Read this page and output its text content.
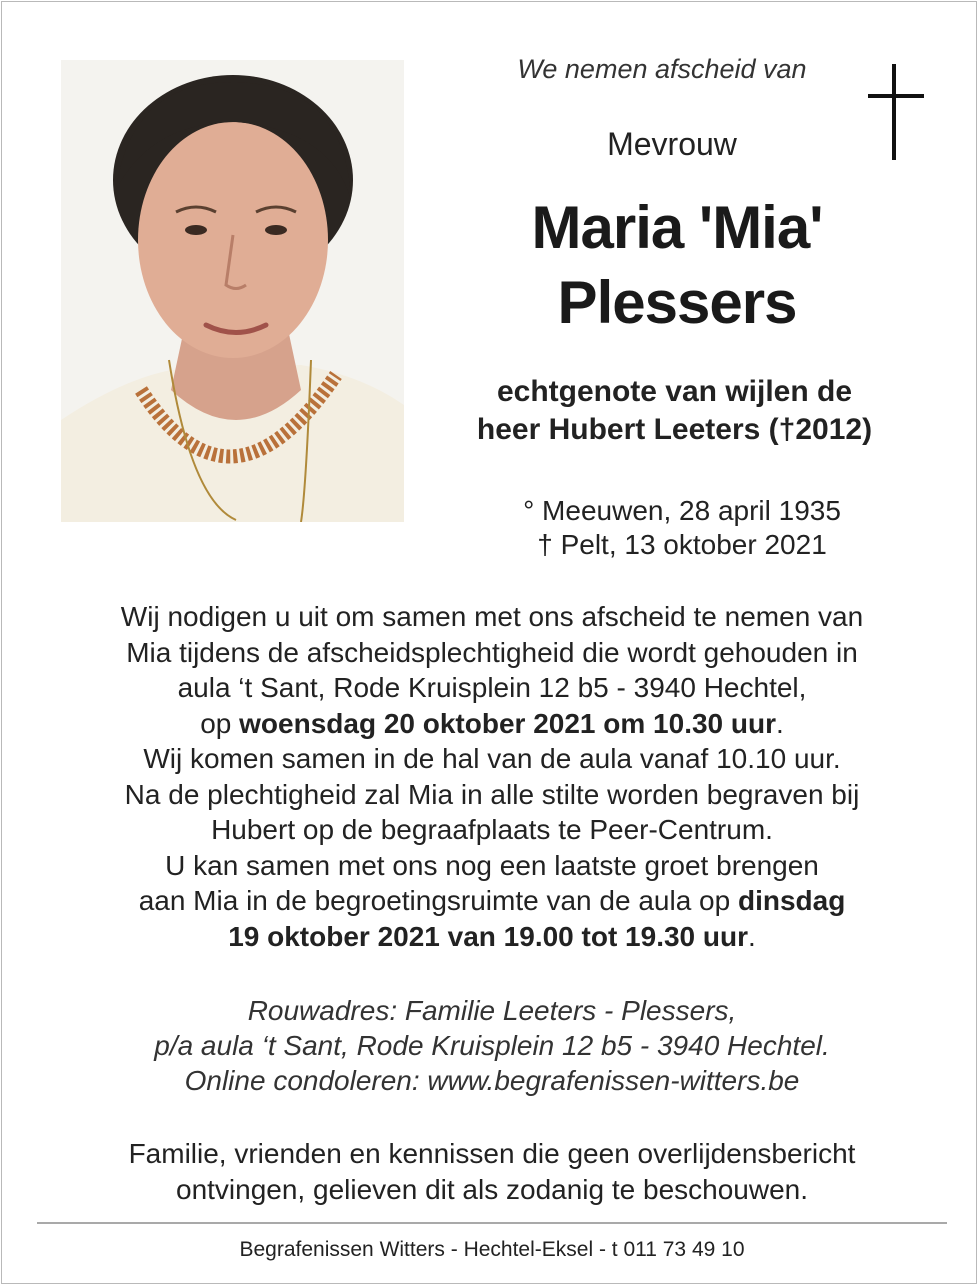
We nemen afscheid van
Mevrouw
Maria 'Mia'
Plessers
echtgenote van wijlen de
heer Hubert Leeters (†2012)
° Meeuwen, 28 april 1935
† Pelt, 13 oktober 2021
Wij nodigen u uit om samen met ons afscheid te nemen van
Mia tijdens de afscheidsplechtigheid die wordt gehouden in
aula ‘t Sant, Rode Kruisplein 12 b5 - 3940 Hechtel,
op woensdag 20 oktober 2021 om 10.30 uur.
Wij komen samen in de hal van de aula vanaf 10.10 uur.
Na de plechtigheid zal Mia in alle stilte worden begraven bij
Hubert op de begraafplaats te Peer-Centrum.
U kan samen met ons nog een laatste groet brengen
aan Mia in de begroetingsruimte van de aula op dinsdag
19 oktober 2021 van 19.00 tot 19.30 uur.
Rouwadres: Familie Leeters - Plessers,
p/a aula ‘t Sant, Rode Kruisplein 12 b5 - 3940 Hechtel.
Online condoleren: www.begrafenissen-witters.be
Familie, vrienden en kennissen die geen overlijdensbericht
ontvingen, gelieven dit als zodanig te beschouwen.
Begrafenissen Witters - Hechtel-Eksel - t 011 73 49 10
